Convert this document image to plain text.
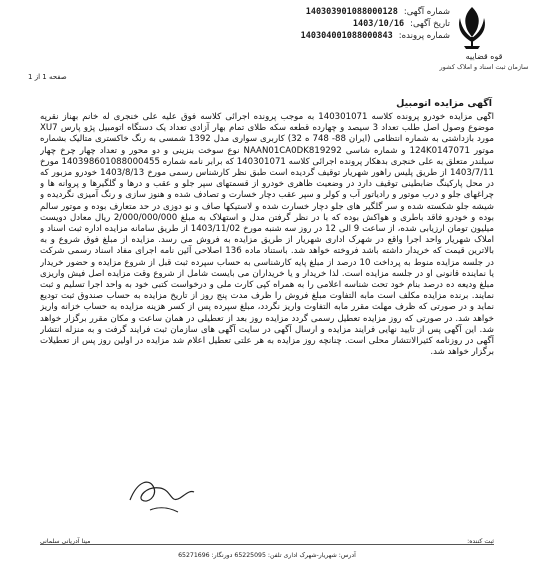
قوه قضاییه
سازمان ثبت اسناد و املاک کشور
شماره آگهی:
140303901088000128
تاریخ آگهی:
1403/10/16
شماره پرونده:
140304001088000843
صفحه 1 از 1
آگهی مزایده اتومبیل

آگهی مزایده خودرو پرونده کلاسه 140301071 به موجب پرونده اجرائی کلاسه فوق علیه علی خنجری له خانم بهناز نقرپه موضوع وصول اصل طلب تعداد 3 سیصد و چهارده قطعه سکه طلای تمام بهار آزادی تعداد یک دستگاه اتومبیل پژو پارس XU7 مورد بازداشتی به شماره انتظامی (ایران 88- 748 ه 32) کاربری سواری مدل 1392 شمسی به رنگ خاکستری متالیک بشماره موتور 124K0147071 و شماره شاسی NAAN01CA0DK819292 نوع سوخت بنزینی و دو محور و تعداد چهار چرخ چهار سیلندر متعلق به علی خنجری بدهکار پرونده اجرائی کلاسه 140301071 که برابر نامه شماره 140398601088000455 مورخ 1403/7/11 از طریق پلیس راهور شهریار توقیف گردیده است طبق نظر کارشناس رسمی مورخ 1403/8/13 خودرو مزبور که در محل پارکینگ ضابطینی توقیف دارد در وضعیت ظاهری خودرو از قسمتهای سپر جلو و عقب و درها و گلگیرها و پروانه ها و چراغهای جلو و درب موتور و رادیاتور آب و کولر و سپر عقب دچار خسارت و تصادف شده و هنوز سازی و رنگ آمیزی نگردیده و شیشه جلو شکسته شده و سر گلگیر های جلو دچار خسارت شده و لاستیکها صاف و نو دوزی در حد متعارف بوده و موتور سالم بوده و خودرو فاقد باطری و هواکش بوده که با در نظر گرفتن مدل و استهلاک به مبلغ 2/000/000/000 ریال معادل دویست میلیون تومان ارزیابی شده، از ساعت 9 الی 12 در روز سه شنبه مورخ 1403/11/02 از طریق سامانه مزایده اداره ثبت اسناد و املاک شهریار واحد اجرا واقع در شهرک اداری شهریار از طریق مزایده به فروش می رسد. مزایده از مبلغ فوق شروع و به بالاترین قیمت که خریدار داشته باشد فروخته خواهد شد. باستناد ماده 136 اصلاحی آئین نامه اجرای مفاد اسناد رسمی شرکت در جلسه مزایده منوط به پرداخت 10 درصد از مبلغ پایه کارشناسی به حساب سپرده ثبت قبل از شروع مزایده و حضور خریدار یا نماینده قانونی او در جلسه مزایده است. لذا خریدار و یا خریداران می بایست شامل از شروع وقت مزایده اصل فیش واریزی مبلغ ودیعه ده درصد بنام خود تحت شناسه اعلامی را به همراه کپی کارت ملی و درخواست کتبی خود به واحد اجرا تسلیم و ثبت نمایند. برنده مزایده مکلف است مابه التفاوت مبلغ فروش را ظرف مدت پنج روز از تاریخ مزایده به حساب صندوق ثبت تودیع نماید و در صورتی که ظرف مهلت مقرر مابه التفاوت واریز نگردد، مبلغ سپرده پس از کسر هزینه مزایده به حساب خزانه واریز خواهد شد. در صورتی که روز مزایده تعطیل رسمی گردد مزایده روز بعد از تعطیلی در همان ساعت و مکان مقرر برگزار خواهد شد. این آگهی پس از تایید نهایی فرایند مزایده و ارسال آگهی در سایت آگهی های سازمان ثبت فرایند گرفت و به منزله انتشار آگهی در روزنامه کثیرالانتشار محلی است. چنانچه روز مزایده به هر علتی تعطیل اعلام شد مزایده در اولین روز پس از تعطیلات برگزار خواهد شد.

ثبت کننده:
مینا آدریانی سلمانی
آدرس: شهریار-شهرک اداری تلفن: 65225095 دورنگار: 65271696
